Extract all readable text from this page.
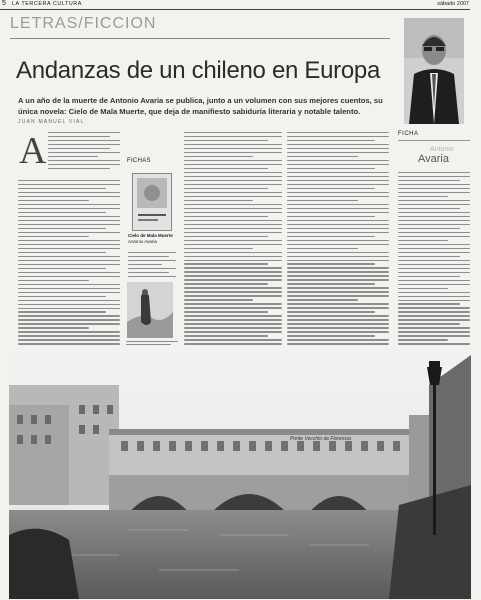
5 LA TERCERA CULTURA	sábado 2007
LETRAS/FICCION
Andanzas de un chileno en Europa
A un año de la muerte de Antonio Avaria se publica, junto a un volumen con sus mejores cuentos, su única novela: Cielo de Mala Muerte, que deja de manifiesto sabiduría literaria y notable talento.
JUAN MANUEL VIAL
FICHA
Antonio
Avaria
A	FICHAS
Cielo de Mala Muerte
Antonio Avaria
Ponte Vecchio de Florencia
